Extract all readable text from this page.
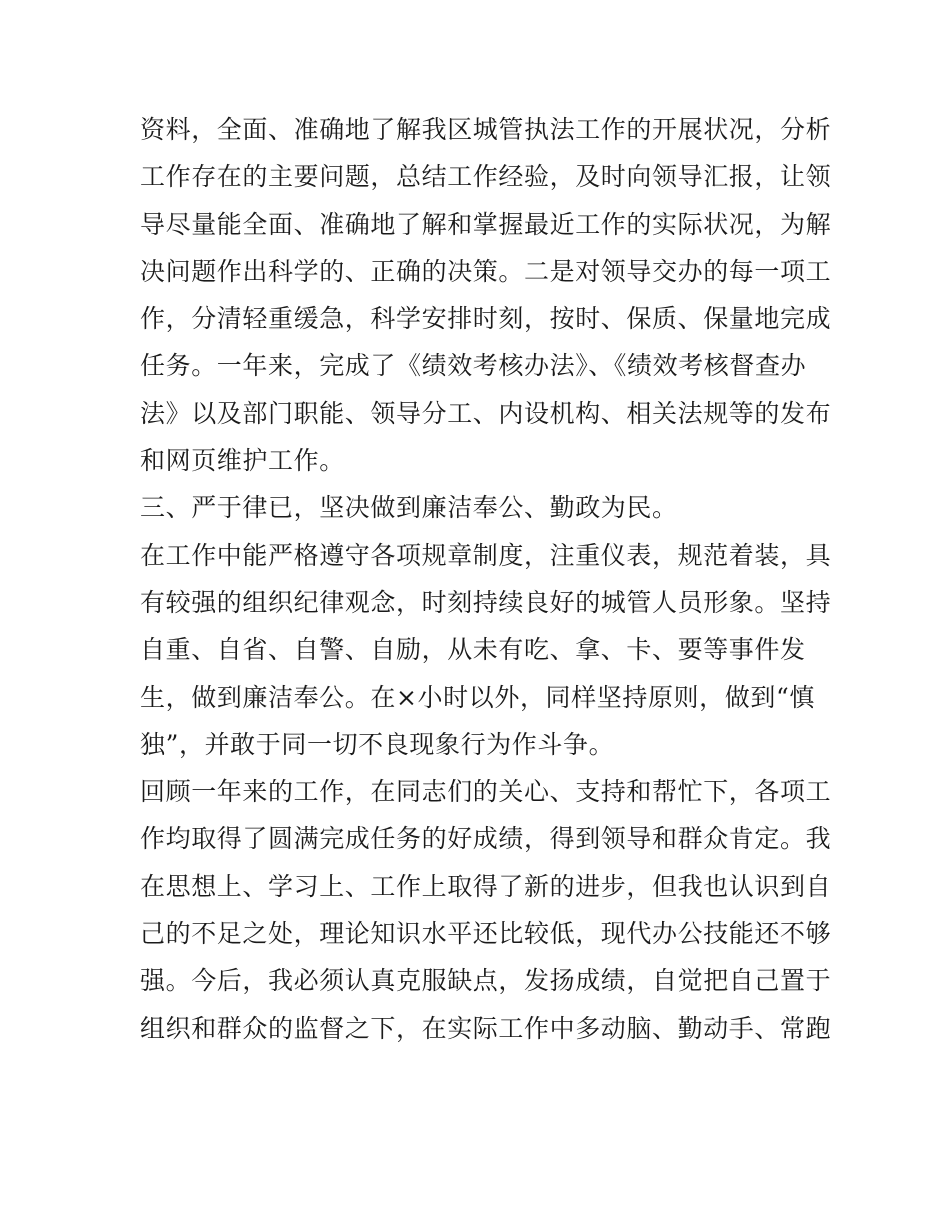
资料，全面、准确地了解我区城管执法工作的开展状况，分析
工作存在的主要问题，总结工作经验，及时向领导汇报，让领
导尽量能全面、准确地了解和掌握最近工作的实际状况，为解
决问题作出科学的、正确的决策。二是对领导交办的每一项工
作，分清轻重缓急，科学安排时刻，按时、保质、保量地完成
任务。一年来，完成了《绩效考核办法》、《绩效考核督查办
法》以及部门职能、领导分工、内设机构、相关法规等的发布
和网页维护工作。
三、严于律已，坚决做到廉洁奉公、勤政为民。
在工作中能严格遵守各项规章制度，注重仪表，规范着装，具
有较强的组织纪律观念，时刻持续良好的城管人员形象。坚持
自重、自省、自警、自励，从未有吃、拿、卡、要等事件发
生，做到廉洁奉公。在×小时以外，同样坚持原则，做到“慎
独”，并敢于同一切不良现象行为作斗争。
回顾一年来的工作，在同志们的关心、支持和帮忙下，各项工
作均取得了圆满完成任务的好成绩，得到领导和群众肯定。我
在思想上、学习上、工作上取得了新的进步，但我也认识到自
己的不足之处，理论知识水平还比较低，现代办公技能还不够
强。今后，我必须认真克服缺点，发扬成绩，自觉把自己置于
组织和群众的监督之下，在实际工作中多动脑、勤动手、常跑
